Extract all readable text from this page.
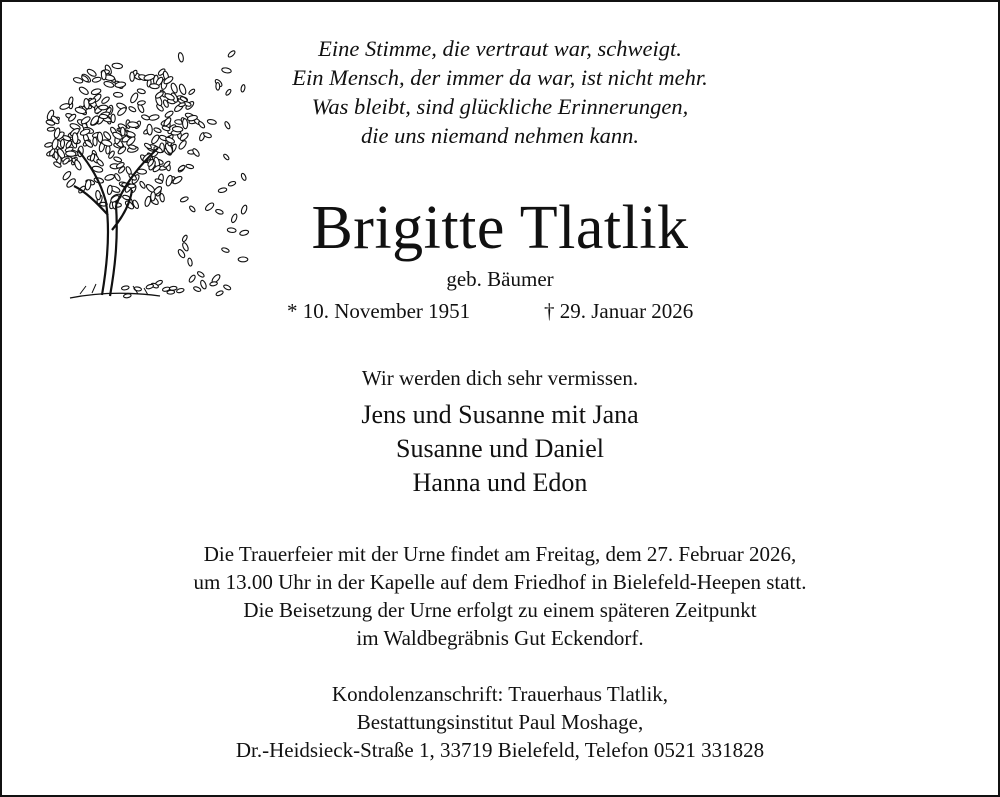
Eine Stimme, die vertraut war, schweigt.
Ein Mensch, der immer da war, ist nicht mehr.
Was bleibt, sind glückliche Erinnerungen,
die uns niemand nehmen kann.
Brigitte Tlatlik
geb. Bäumer
* 10. November 1951	† 29. Januar 2026
Wir werden dich sehr vermissen.
Jens und Susanne mit Jana
Susanne und Daniel
Hanna und Edon
Die Trauerfeier mit der Urne findet am Freitag, dem 27. Februar 2026,
um 13.00 Uhr in der Kapelle auf dem Friedhof in Bielefeld-Heepen statt.
Die Beisetzung der Urne erfolgt zu einem späteren Zeitpunkt
im Waldbegräbnis Gut Eckendorf.
Kondolenzanschrift: Trauerhaus Tlatlik,
Bestattungsinstitut Paul Moshage,
Dr.-Heidsieck-Straße 1, 33719 Bielefeld, Telefon 0521 331828
